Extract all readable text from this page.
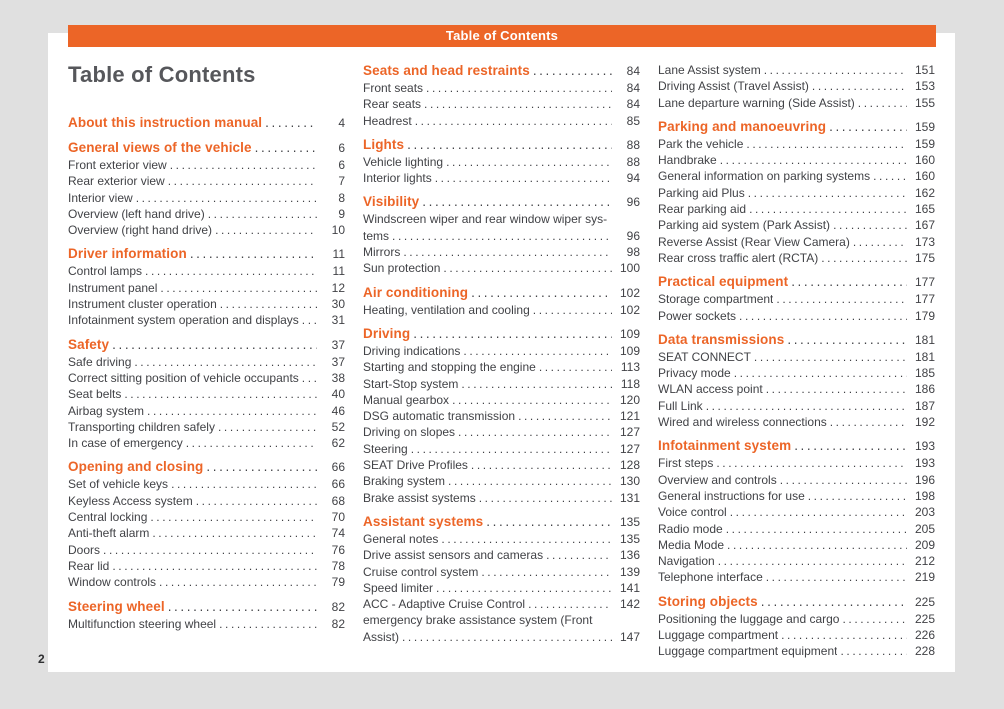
Table of Contents
Table of Contents
About this instruction manual .....	4
General views of the vehicle .....	6
Front exterior view .....	6
Rear exterior view .....	7
Interior view .....	8
Overview (left hand drive) .....	9
Overview (right hand drive) .....	10
Driver information .....	11
Control lamps .....	11
Instrument panel .....	12
Instrument cluster operation .....	30
Infotainment system operation and displays .....	31
Safety .....	37
Safe driving .....	37
Correct sitting position of vehicle occupants .....	38
Seat belts .....	40
Airbag system .....	46
Transporting children safely .....	52
In case of emergency .....	62
Opening and closing .....	66
Set of vehicle keys .....	66
Keyless Access system .....	68
Central locking .....	70
Anti-theft alarm .....	74
Doors .....	76
Rear lid .....	78
Window controls .....	79
Steering wheel .....	82
Multifunction steering wheel .....	82
Seats and head restraints .....	84
Front seats .....	84
Rear seats .....	84
Headrest .....	85
Lights .....	88
Vehicle lighting .....	88
Interior lights .....	94
Visibility .....	96
Windscreen wiper and rear window wiper sys-
tems .....	96
Mirrors .....	98
Sun protection .....	100
Air conditioning .....	102
Heating, ventilation and cooling .....	102
Driving .....	109
Driving indications .....	109
Starting and stopping the engine .....	113
Start-Stop system .....	118
Manual gearbox .....	120
DSG automatic transmission .....	121
Driving on slopes .....	127
Steering .....	127
SEAT Drive Profiles .....	128
Braking system .....	130
Brake assist systems .....	131
Assistant systems .....	135
General notes .....	135
Drive assist sensors and cameras .....	136
Cruise control system .....	139
Speed limiter .....	141
ACC - Adaptive Cruise Control .....	142
emergency brake assistance system (Front
Assist) .....	147
Lane Assist system .....	151
Driving Assist (Travel Assist) .....	153
Lane departure warning (Side Assist) .....	155
Parking and manoeuvring .....	159
Park the vehicle .....	159
Handbrake .....	160
General information on parking systems .....	160
Parking aid Plus .....	162
Rear parking aid .....	165
Parking aid system (Park Assist) .....	167
Reverse Assist (Rear View Camera) .....	173
Rear cross traffic alert (RCTA) .....	175
Practical equipment .....	177
Storage compartment .....	177
Power sockets .....	179
Data transmissions .....	181
SEAT CONNECT .....	181
Privacy mode .....	185
WLAN access point .....	186
Full Link .....	187
Wired and wireless connections .....	192
Infotainment system .....	193
First steps .....	193
Overview and controls .....	196
General instructions for use .....	198
Voice control .....	203
Radio mode .....	205
Media Mode .....	209
Navigation .....	212
Telephone interface .....	219
Storing objects .....	225
Positioning the luggage and cargo .....	225
Luggage compartment .....	226
Luggage compartment equipment .....	228
2
